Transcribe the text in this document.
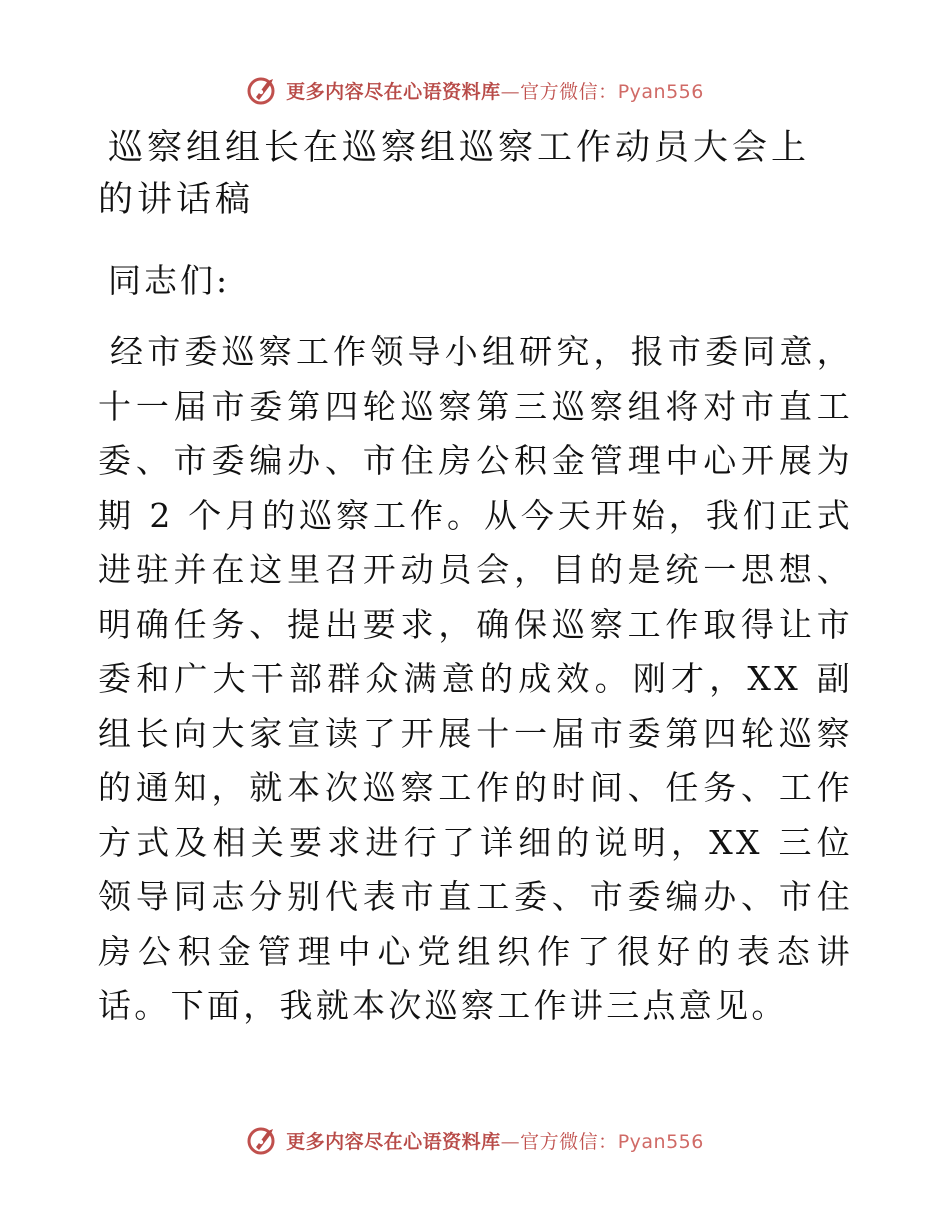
更多内容尽在心语资料库—官方微信：Pyan556
巡察组组长在巡察组巡察工作动员大会上的讲话稿

同志们:

经市委巡察工作领导小组研究，报市委同意，十一届市委第四轮巡察第三巡察组将对市直工委、市委编办、市住房公积金管理中心开展为期 2 个月的巡察工作。从今天开始，我们正式进驻并在这里召开动员会，目的是统一思想、明确任务、提出要求，确保巡察工作取得让市委和广大干部群众满意的成效。刚才，XX 副组长向大家宣读了开展十一届市委第四轮巡察的通知，就本次巡察工作的时间、任务、工作方式及相关要求进行了详细的说明，XX 三位领导同志分别代表市直工委、市委编办、市住房公积金管理中心党组织作了很好的表态讲话。下面，我就本次巡察工作讲三点意见。

更多内容尽在心语资料库—官方微信：Pyan556
